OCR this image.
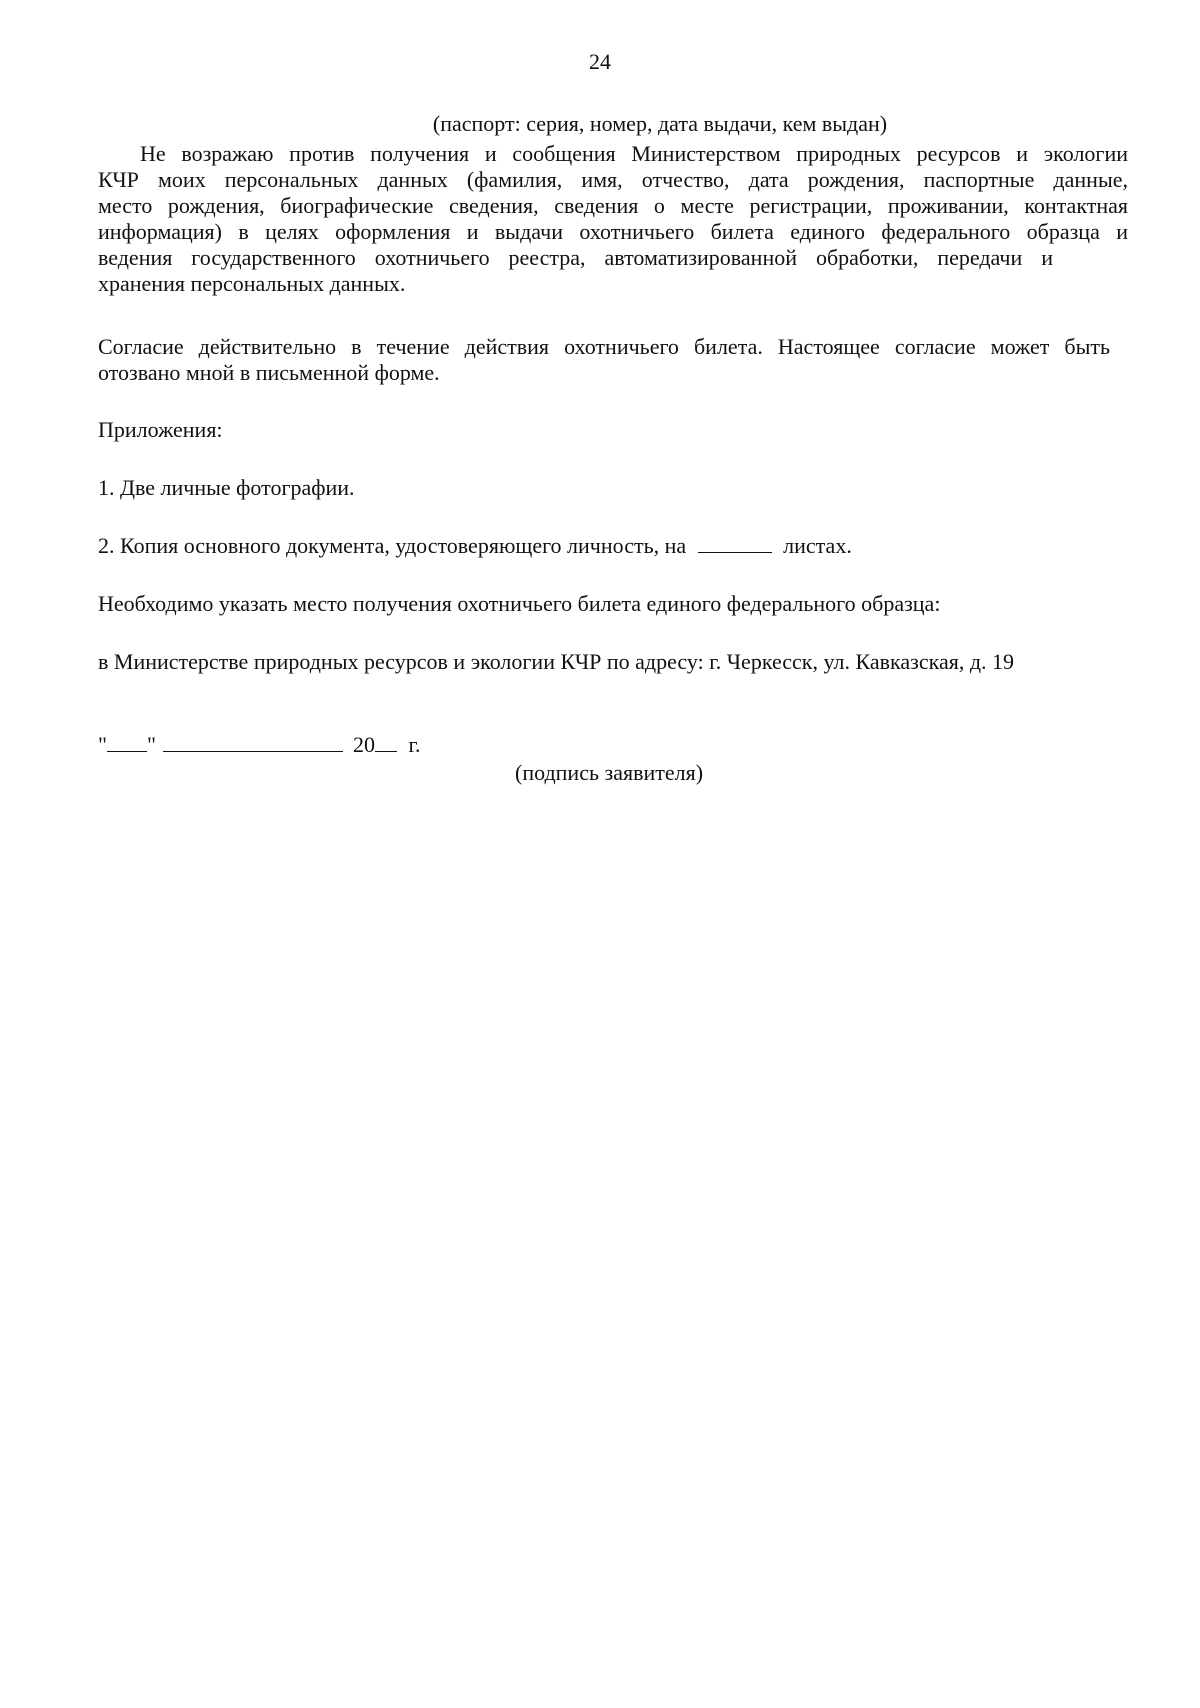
24
(паспорт: серия, номер, дата выдачи, кем выдан)
Не возражаю против получения и сообщения Министерством природных ресурсов и экологии
КЧР моих персональных данных (фамилия, имя, отчество, дата рождения, паспортные данные,
место рождения, биографические сведения, сведения о месте регистрации, проживании, контактная
информация) в целях оформления и выдачи охотничьего билета единого федерального образца и
ведения государственного охотничьего реестра, автоматизированной обработки, передачи и
хранения персональных данных.
Согласие действительно в течение действия охотничьего билета. Настоящее согласие может быть
отозвано мной в письменной форме.
Приложения:
1. Две личные фотографии.
2. Копия основного документа, удостоверяющего личность, на	листах.
Необходимо указать место получения охотничьего билета единого федерального образца:
в Министерстве природных ресурсов и экологии КЧР по адресу: г. Черкесск, ул. Кавказская, д. 19
" "	20 г.
(подпись заявителя)
